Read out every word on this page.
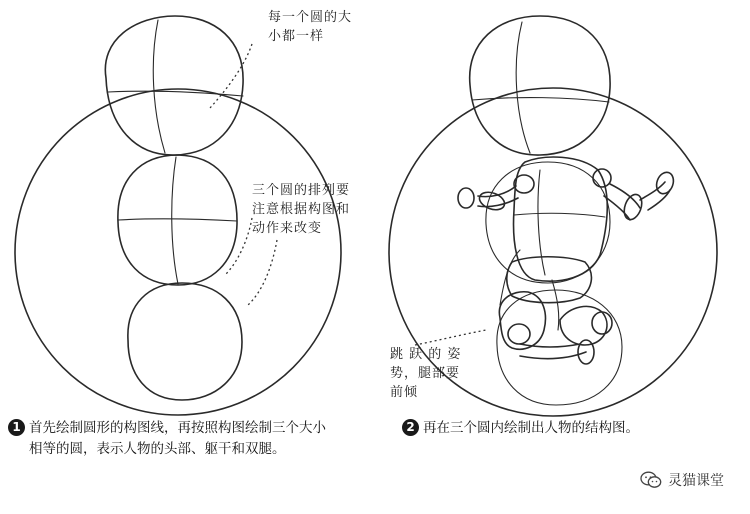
每一个圆的大
小都一样
三个圆的排列要
注意根据构图和
动作来改变
跳 跃 的 姿
势，腿部要
前倾
1 首先绘制圆形的构图线，再按照构图绘制三个大小
相等的圆，表示人物的头部、躯干和双腿。
2 再在三个圆内绘制出人物的结构图。
灵猫课堂
